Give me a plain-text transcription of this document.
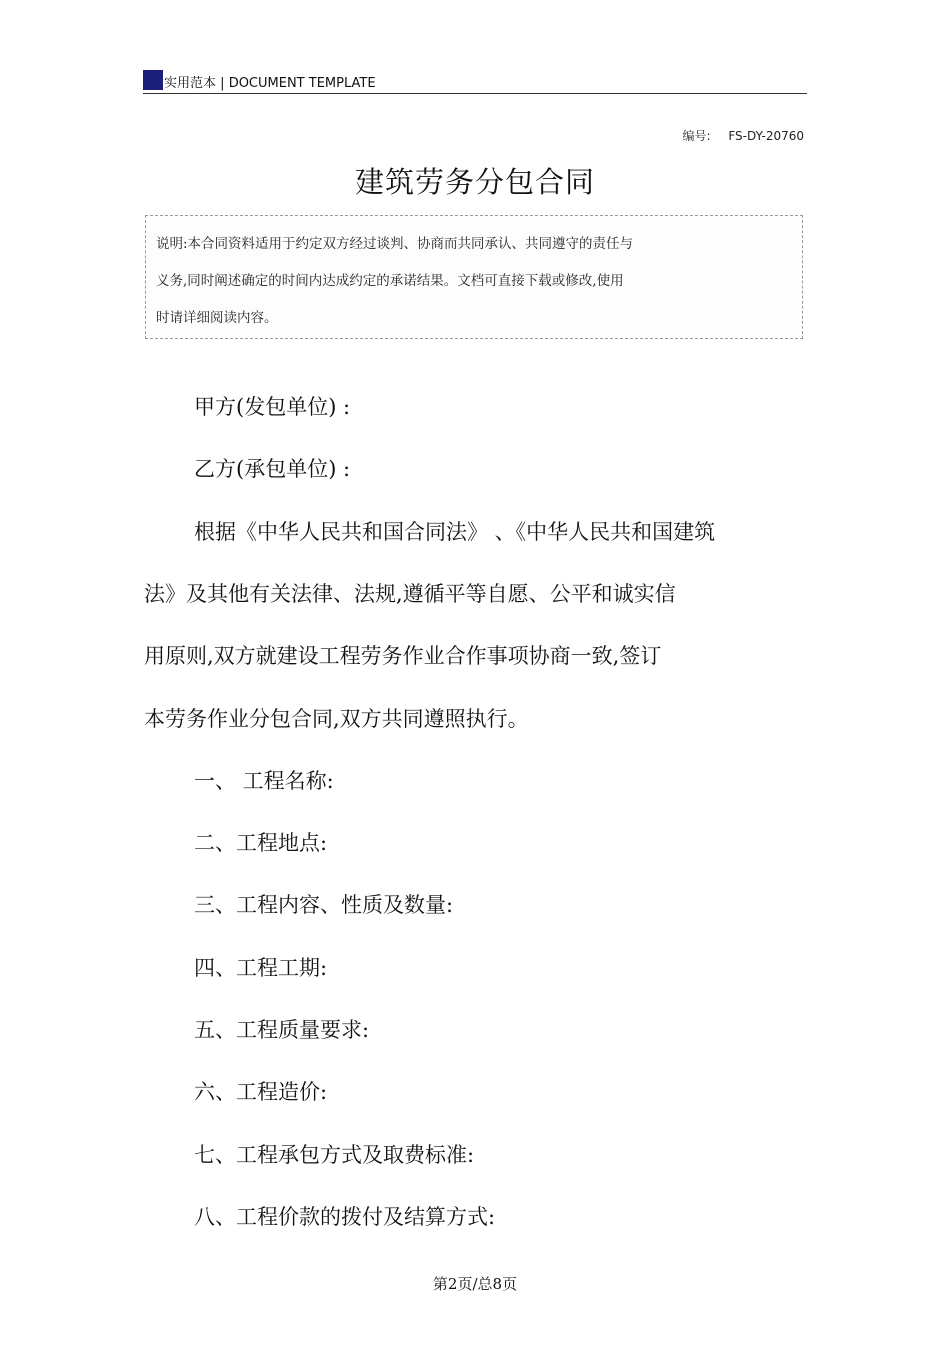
实用范本 | DOCUMENT TEMPLATE
编号: FS-DY-20760
建筑劳务分包合同
说明:本合同资料适用于约定双方经过谈判、协商而共同承认、共同遵守的责任与
义务,同时阐述确定的时间内达成约定的承诺结果。文档可直接下载或修改,使用
时请详细阅读内容。
甲方(发包单位) :
乙方(承包单位) :
根据《中华人民共和国合同法》 、《中华人民共和国建筑
法》及其他有关法律、法规,遵循平等自愿、公平和诚实信
用原则,双方就建设工程劳务作业合作事项协商一致,签订
本劳务作业分包合同,双方共同遵照执行。
一、 工程名称:
二、工程地点:
三、工程内容、性质及数量:
四、工程工期:
五、工程质量要求:
六、工程造价:
七、工程承包方式及取费标准:
八、工程价款的拨付及结算方式:
第2页/总8页
